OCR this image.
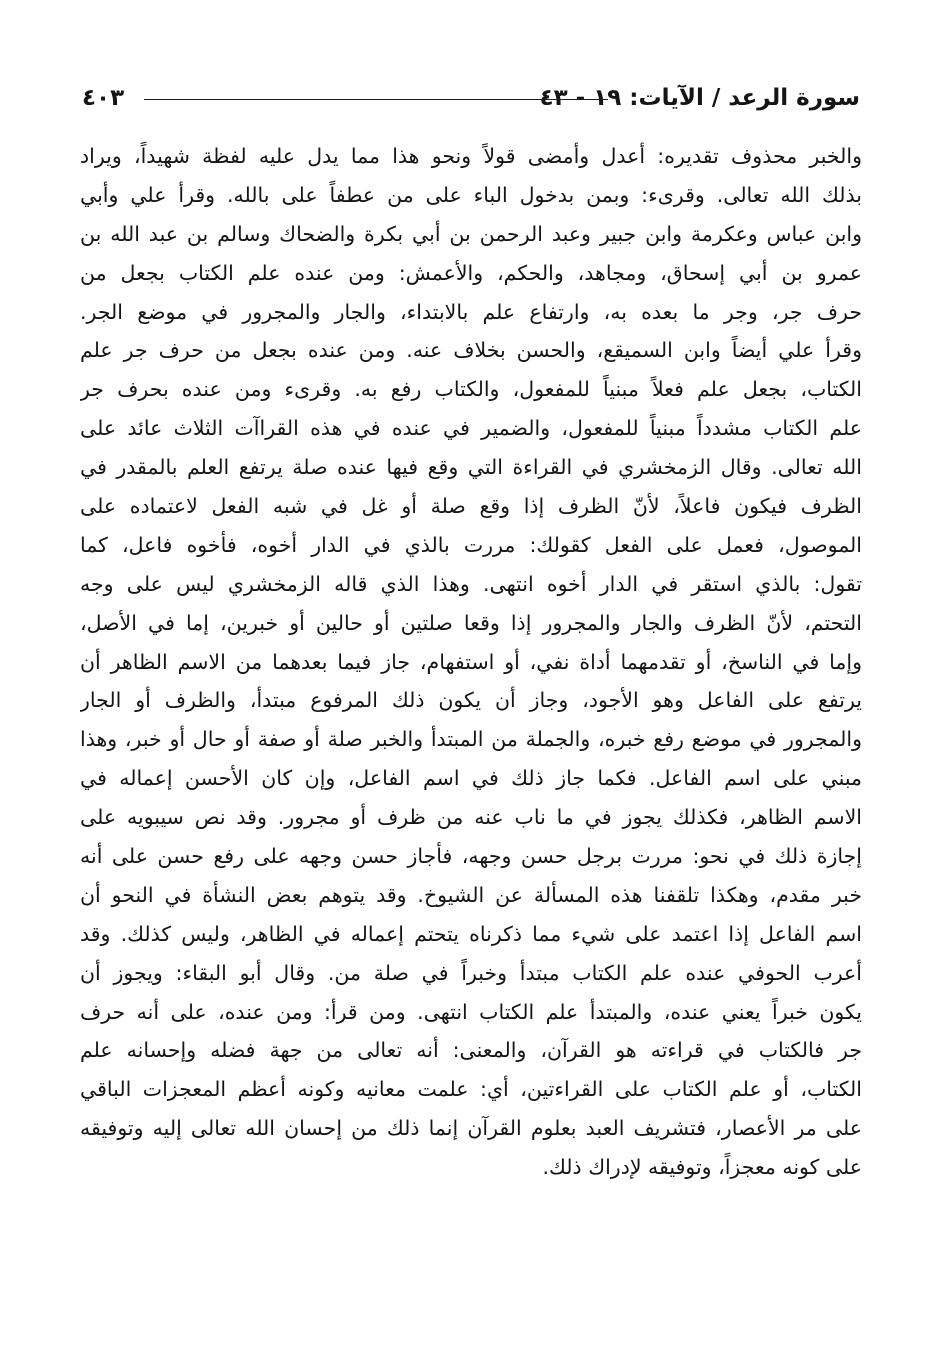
سورة الرعد / الآيات: ١٩ - ٤٣
٤٠٣
والخبر محذوف تقديره: أعدل وأمضى قولاً ونحو هذا مما يدل عليه لفظة شهيداً، ويراد
بذلك الله تعالى. وقرىء: وبمن بدخول الباء على من عطفاً على بالله. وقرأ علي وأبي
وابن عباس وعكرمة وابن جبير وعبد الرحمن بن أبي بكرة والضحاك وسالم بن عبد الله بن
عمرو بن أبي إسحاق، ومجاهد، والحكم، والأعمش: ومن عنده علم الكتاب بجعل من
حرف جر، وجر ما بعده به، وارتفاع علم بالابتداء، والجار والمجرور في موضع الجر.
وقرأ علي أيضاً وابن السميقع، والحسن بخلاف عنه. ومن عنده بجعل من حرف جر علم
الكتاب، بجعل علم فعلاً مبنياً للمفعول، والكتاب رفع به. وقرىء ومن عنده بحرف جر
علم الكتاب مشدداً مبنياً للمفعول، والضمير في عنده في هذه القراآت الثلاث عائد على
الله تعالى. وقال الزمخشري في القراءة التي وقع فيها عنده صلة يرتفع العلم بالمقدر في
الظرف فيكون فاعلاً، لأنّ الظرف إذا وقع صلة أو غل في شبه الفعل لاعتماده على
الموصول، فعمل على الفعل كقولك: مررت بالذي في الدار أخوه، فأخوه فاعل، كما
تقول: بالذي استقر في الدار أخوه انتهى. وهذا الذي قاله الزمخشري ليس على وجه
التحتم، لأنّ الظرف والجار والمجرور إذا وقعا صلتين أو حالين أو خبرين، إما في الأصل،
وإما في الناسخ، أو تقدمهما أداة نفي، أو استفهام، جاز فيما بعدهما من الاسم الظاهر أن
يرتفع على الفاعل وهو الأجود، وجاز أن يكون ذلك المرفوع مبتدأ، والظرف أو الجار
والمجرور في موضع رفع خبره، والجملة من المبتدأ والخبر صلة أو صفة أو حال أو خبر، وهذا
مبني على اسم الفاعل. فكما جاز ذلك في اسم الفاعل، وإن كان الأحسن إعماله في
الاسم الظاهر، فكذلك يجوز في ما ناب عنه من ظرف أو مجرور. وقد نص سيبويه على
إجازة ذلك في نحو: مررت برجل حسن وجهه، فأجاز حسن وجهه على رفع حسن على أنه
خبر مقدم، وهكذا تلقفنا هذه المسألة عن الشيوخ. وقد يتوهم بعض النشأة في النحو أن
اسم الفاعل إذا اعتمد على شيء مما ذكرناه يتحتم إعماله في الظاهر، وليس كذلك. وقد
أعرب الحوفي عنده علم الكتاب مبتدأ وخبراً في صلة من. وقال أبو البقاء: ويجوز أن
يكون خبراً يعني عنده، والمبتدأ علم الكتاب انتهى. ومن قرأ: ومن عنده، على أنه حرف
جر فالكتاب في قراءته هو القرآن، والمعنى: أنه تعالى من جهة فضله وإحسانه علم
الكتاب، أو علم الكتاب على القراءتين، أي: علمت معانيه وكونه أعظم المعجزات الباقي
على مر الأعصار، فتشريف العبد بعلوم القرآن إنما ذلك من إحسان الله تعالى إليه وتوفيقه
على كونه معجزاً، وتوفيقه لإدراك ذلك.
